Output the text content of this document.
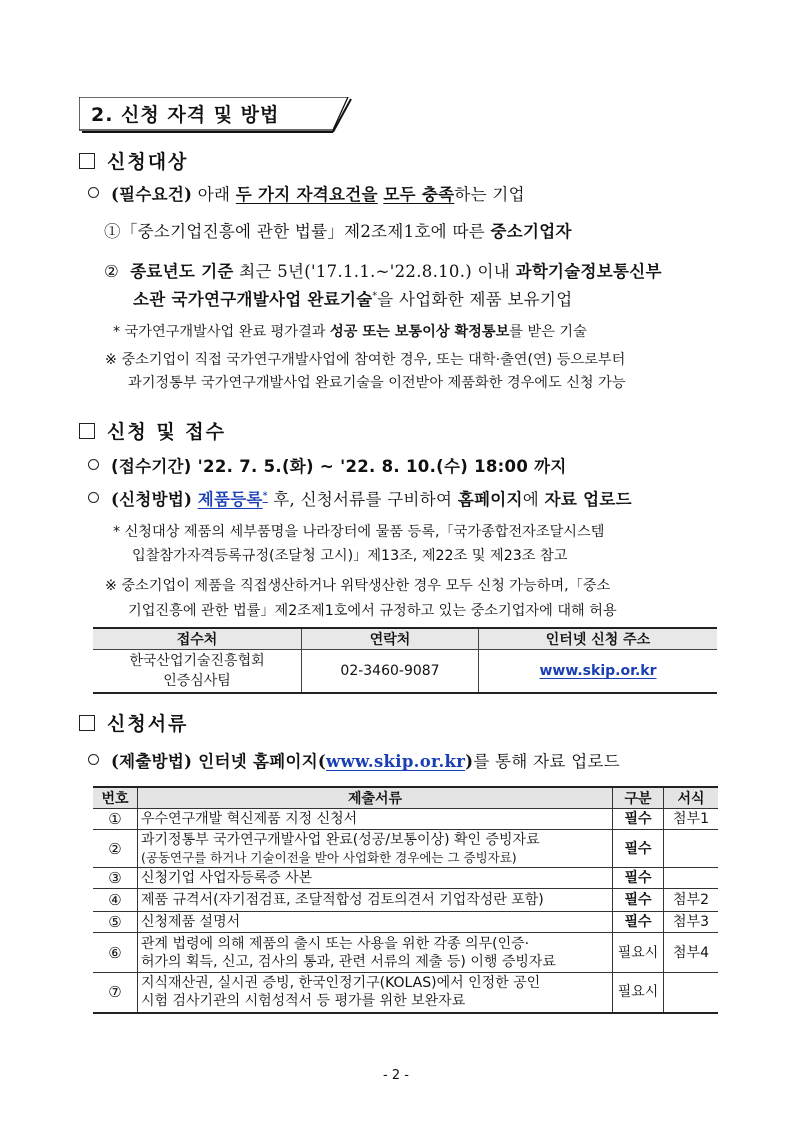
2. 신청 자격 및 방법
신청대상
(필수요건) 아래 두 가지 자격요건을 모두 충족하는 기업
①「중소기업진흥에 관한 법률」제2조제1호에 따른 중소기업자
② 종료년도 기준 최근 5년('17.1.1.~'22.8.10.) 이내 과학기술정보통신부
소관 국가연구개발사업 완료기술*을 사업화한 제품 보유기업
* 국가연구개발사업 완료 평가결과 성공 또는 보통이상 확정통보를 받은 기술
※ 중소기업이 직접 국가연구개발사업에 참여한 경우, 또는 대학·출연(연) 등으로부터
과기정통부 국가연구개발사업 완료기술을 이전받아 제품화한 경우에도 신청 가능
신청 및 접수
(접수기간) '22. 7. 5.(화) ~ '22. 8. 10.(수) 18:00 까지
(신청방법) 제품등록* 후, 신청서류를 구비하여 홈페이지에 자료 업로드
* 신청대상 제품의 세부품명을 나라장터에 물품 등록,「국가종합전자조달시스템
입찰참가자격등록규정(조달청 고시)」제13조, 제22조 및 제23조 참고
※ 중소기업이 제품을 직접생산하거나 위탁생산한 경우 모두 신청 가능하며,「중소
기업진흥에 관한 법률」제2조제1호에서 규정하고 있는 중소기업자에 대해 허용
접수처	연락처	인터넷 신청 주소

한국산업기술진흥협회
인증심사팀	02-3460-9087	www.skip.or.kr
신청서류
(제출방법) 인터넷 홈페이지(www.skip.or.kr)를 통해 자료 업로드
번호	제출서류	구분	서식
①	우수연구개발 혁신제품 지정 신청서	필수	첨부1
②	과기정통부 국가연구개발사업 완료(성공/보통이상) 확인 증빙자료
(공동연구를 하거나 기술이전을 받아 사업화한 경우에는 그 증빙자료)	필수	
③	신청기업 사업자등록증 사본	필수	
④	제품 규격서(자기점검표, 조달적합성 검토의견서 기업작성란 포함)	필수	첨부2
⑤	신청제품 설명서	필수	첨부3
⑥	관계 법령에 의해 제품의 출시 또는 사용을 위한 각종 의무(인증·
허가의 획득, 신고, 검사의 통과, 관련 서류의 제출 등) 이행 증빙자료	필요시	첨부4
⑦	지식재산권, 실시권 증빙, 한국인정기구(KOLAS)에서 인정한 공인
시험 검사기관의 시험성적서 등 평가를 위한 보완자료	필요시	
- 2 -
